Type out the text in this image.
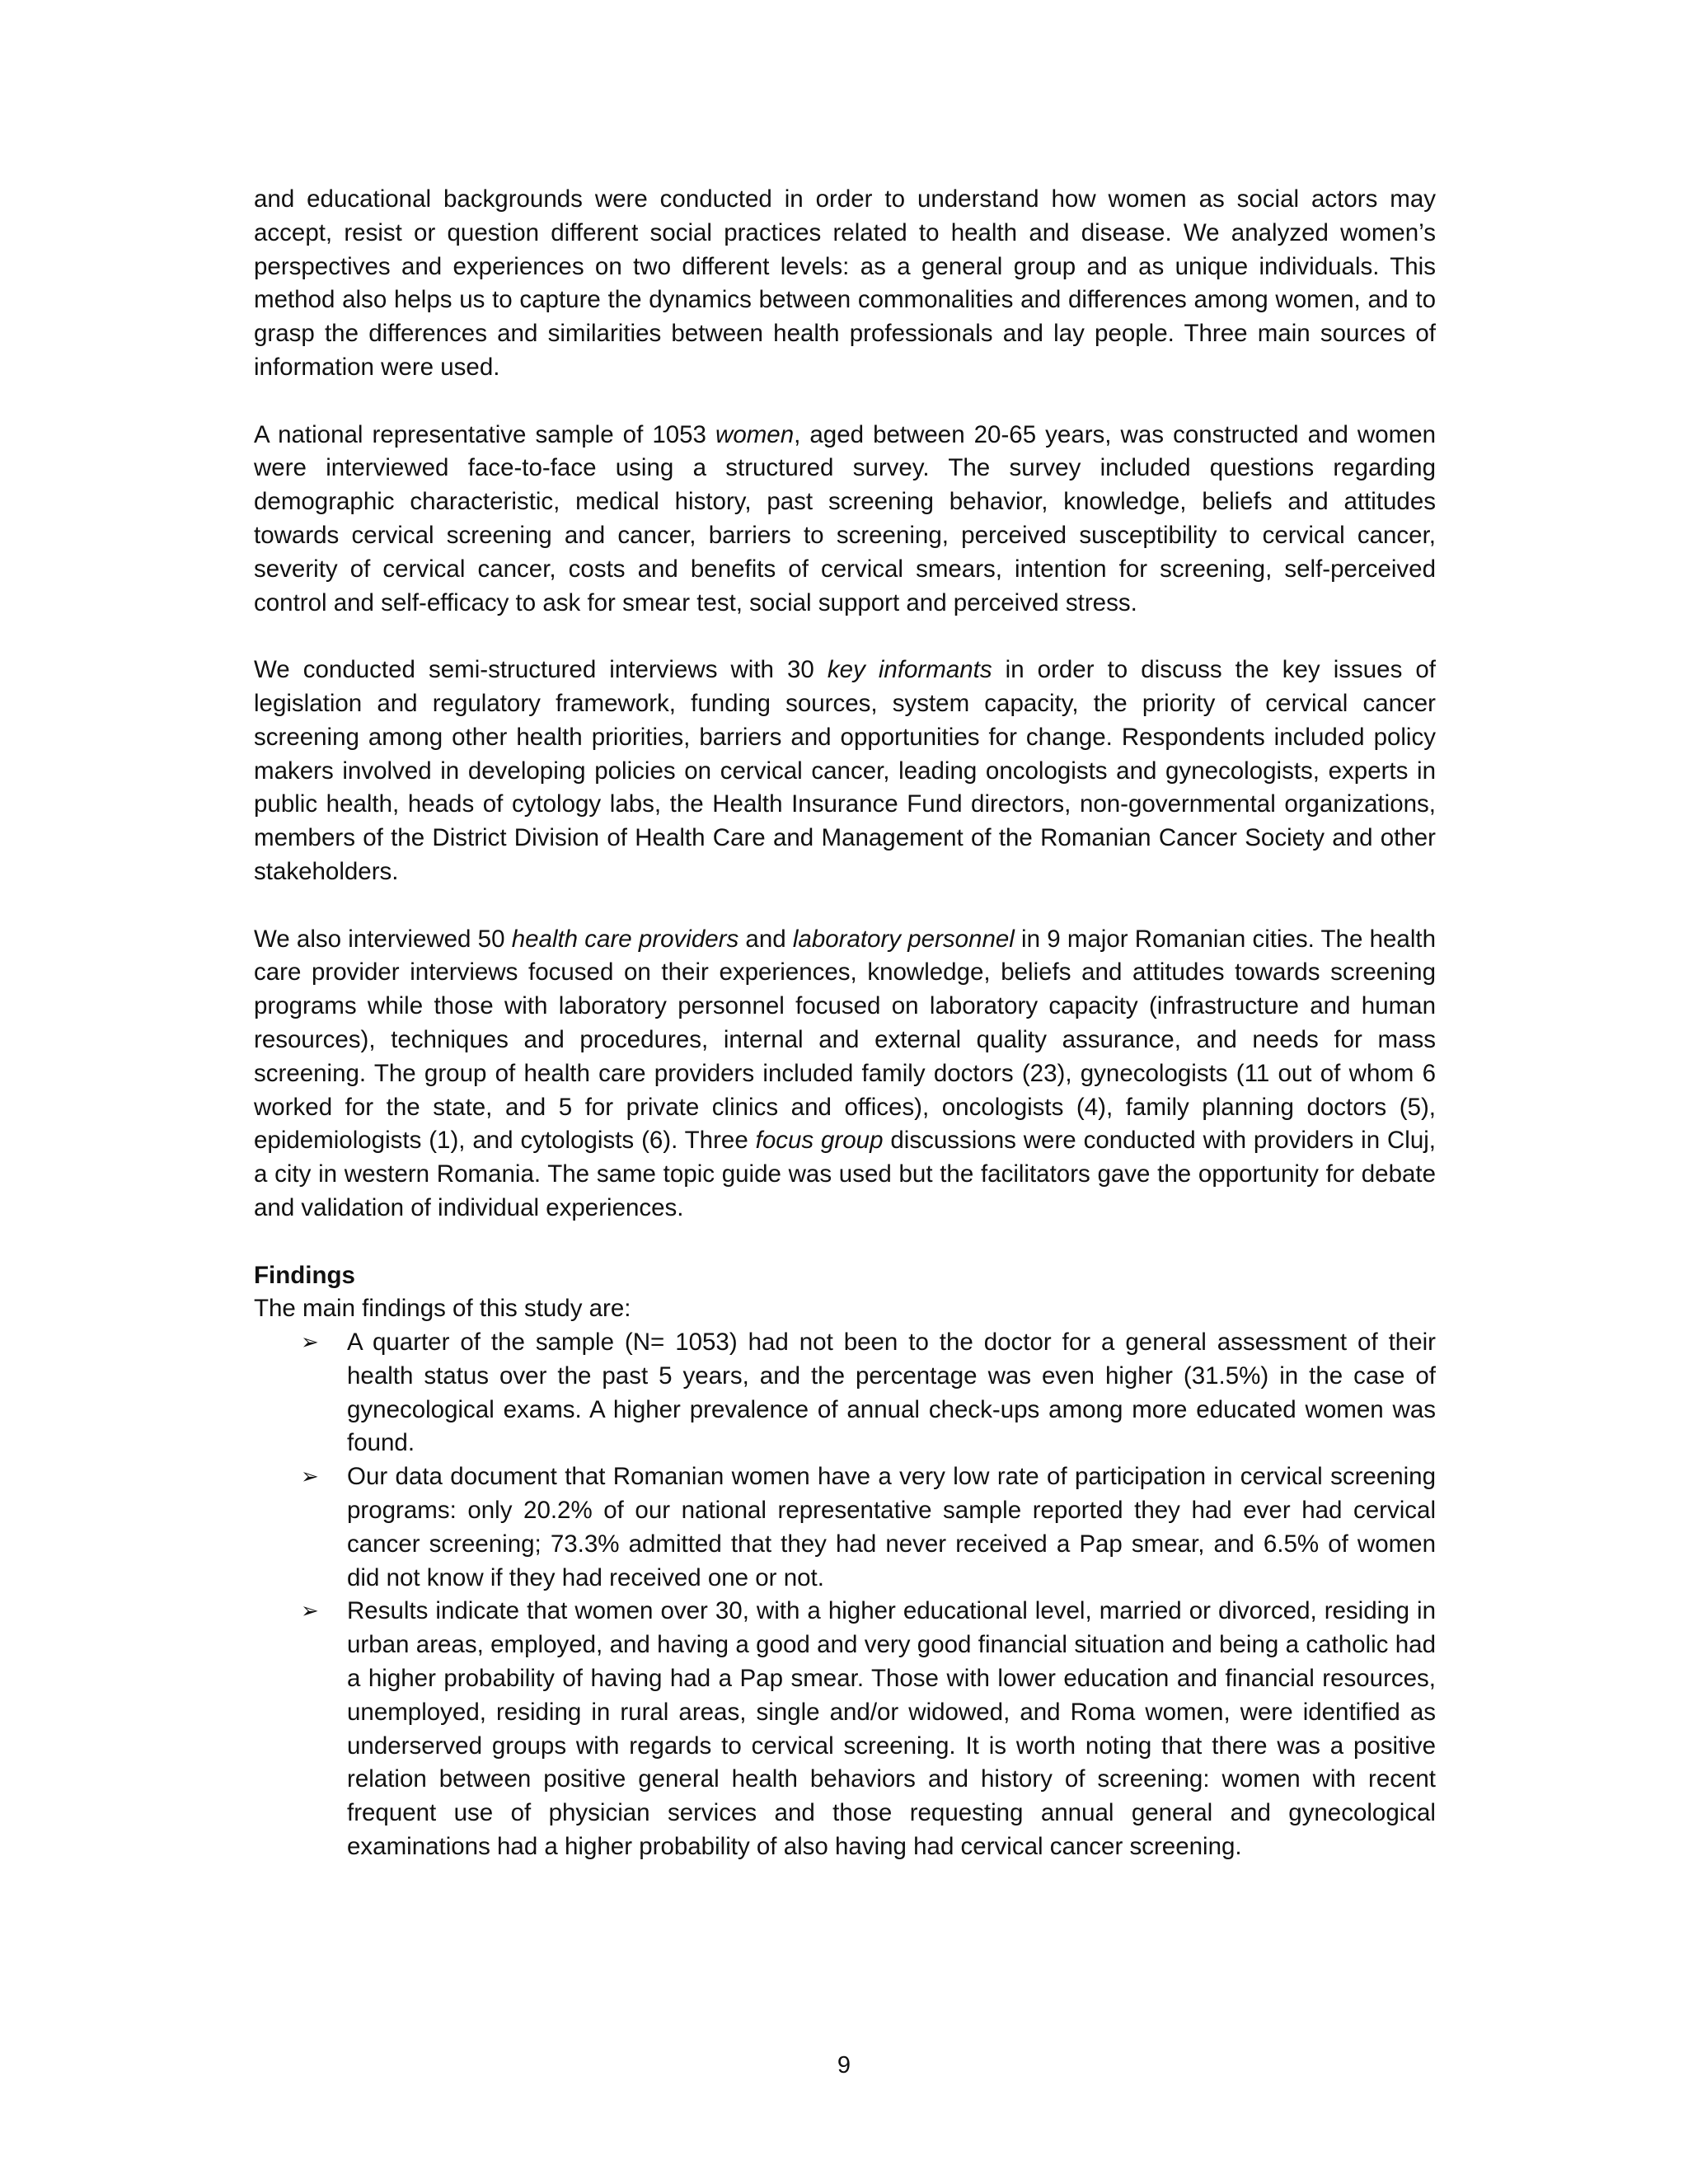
and educational backgrounds were conducted in order to understand how women as social actors may accept, resist or question different social practices related to health and disease. We analyzed women’s perspectives and experiences on two different levels: as a general group and as unique individuals. This method also helps us to capture the dynamics between commonalities and differences among women, and to grasp the differences and similarities between health professionals and lay people. Three main sources of information were used.

A national representative sample of 1053 women, aged between 20-65 years, was constructed and women were interviewed face-to-face using a structured survey. The survey included questions regarding demographic characteristic, medical history, past screening behavior, knowledge, beliefs and attitudes towards cervical screening and cancer, barriers to screening, perceived susceptibility to cervical cancer, severity of cervical cancer, costs and benefits of cervical smears, intention for screening, self-perceived control and self-efficacy to ask for smear test, social support and perceived stress.

We conducted semi-structured interviews with 30 key informants in order to discuss the key issues of legislation and regulatory framework, funding sources, system capacity, the priority of cervical cancer screening among other health priorities, barriers and opportunities for change. Respondents included policy makers involved in developing policies on cervical cancer, leading oncologists and gynecologists, experts in public health, heads of cytology labs, the Health Insurance Fund directors, non-governmental organizations, members of the District Division of Health Care and Management of the Romanian Cancer Society and other stakeholders.

We also interviewed 50 health care providers and laboratory personnel in 9 major Romanian cities. The health care provider interviews focused on their experiences, knowledge, beliefs and attitudes towards screening programs while those with laboratory personnel focused on laboratory capacity (infrastructure and human resources), techniques and procedures, internal and external quality assurance, and needs for mass screening. The group of health care providers included family doctors (23), gynecologists (11 out of whom 6 worked for the state, and 5 for private clinics and offices), oncologists (4), family planning doctors (5), epidemiologists (1), and cytologists (6). Three focus group discussions were conducted with providers in Cluj, a city in western Romania. The same topic guide was used but the facilitators gave the opportunity for debate and validation of individual experiences.

Findings

The main findings of this study are:

➢ A quarter of the sample (N= 1053) had not been to the doctor for a general assessment of their health status over the past 5 years, and the percentage was even higher (31.5%) in the case of gynecological exams. A higher prevalence of annual check-ups among more educated women was found.
➢ Our data document that Romanian women have a very low rate of participation in cervical screening programs: only 20.2% of our national representative sample reported they had ever had cervical cancer screening; 73.3% admitted that they had never received a Pap smear, and 6.5% of women did not know if they had received one or not.
➢ Results indicate that women over 30, with a higher educational level, married or divorced, residing in urban areas, employed, and having a good and very good financial situation and being a catholic had a higher probability of having had a Pap smear. Those with lower education and financial resources, unemployed, residing in rural areas, single and/or widowed, and Roma women, were identified as underserved groups with regards to cervical screening. It is worth noting that there was a positive relation between positive general health behaviors and history of screening: women with recent frequent use of physician services and those requesting annual general and gynecological examinations had a higher probability of also having had cervical cancer screening.
9
